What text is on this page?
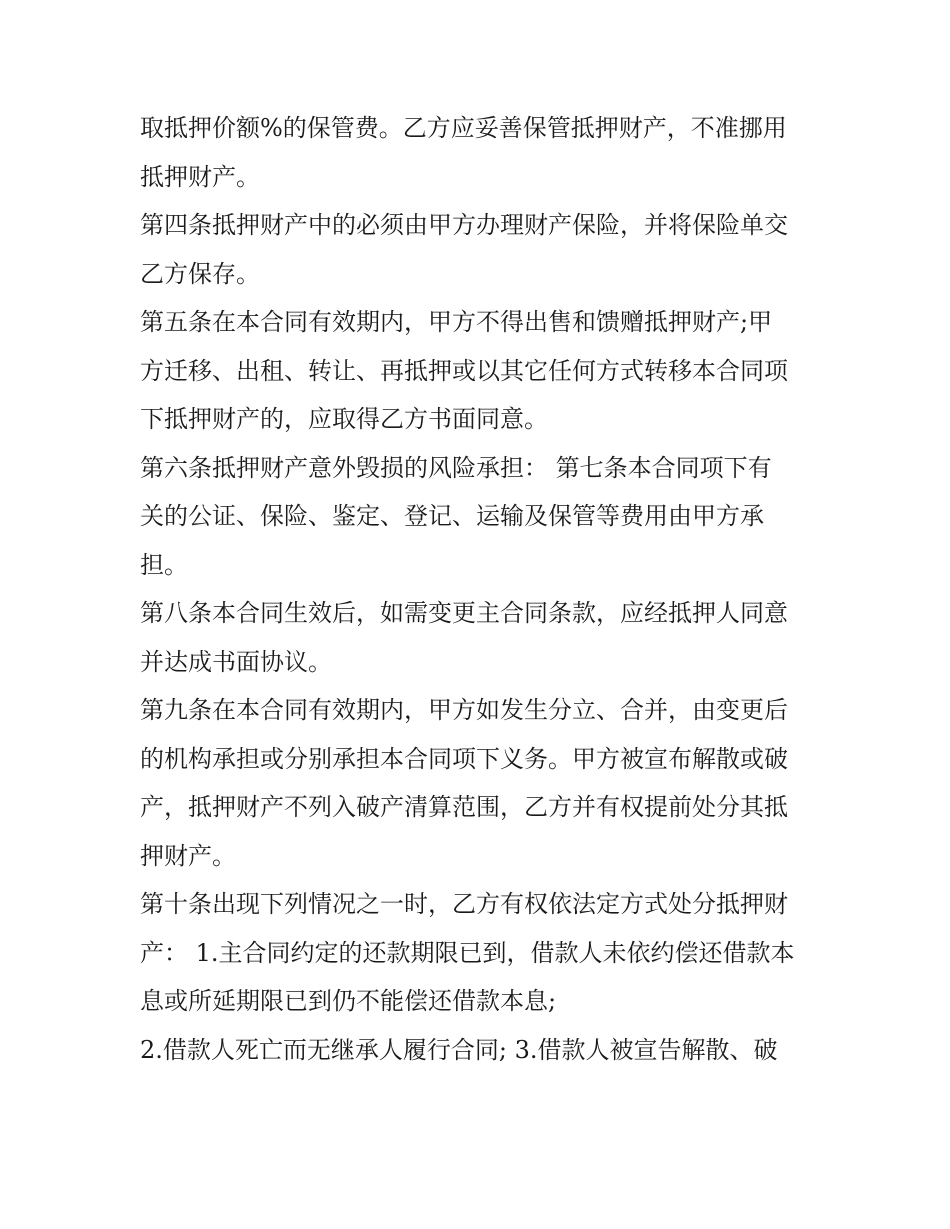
取抵押价额%的保管费。乙方应妥善保管抵押财产，不准挪用
抵押财产。
第四条抵押财产中的必须由甲方办理财产保险，并将保险单交
乙方保存。
第五条在本合同有效期内，甲方不得出售和馈赠抵押财产;甲
方迁移、出租、转让、再抵押或以其它任何方式转移本合同项
下抵押财产的，应取得乙方书面同意。
第六条抵押财产意外毁损的风险承担： 第七条本合同项下有
关的公证、保险、鉴定、登记、运输及保管等费用由甲方承
担。
第八条本合同生效后，如需变更主合同条款，应经抵押人同意
并达成书面协议。
第九条在本合同有效期内，甲方如发生分立、合并，由变更后
的机构承担或分别承担本合同项下义务。甲方被宣布解散或破
产，抵押财产不列入破产清算范围，乙方并有权提前处分其抵
押财产。
第十条出现下列情况之一时，乙方有权依法定方式处分抵押财
产： 1.主合同约定的还款期限已到，借款人未依约偿还借款本
息或所延期限已到仍不能偿还借款本息;
2.借款人死亡而无继承人履行合同; 3.借款人被宣告解散、破
